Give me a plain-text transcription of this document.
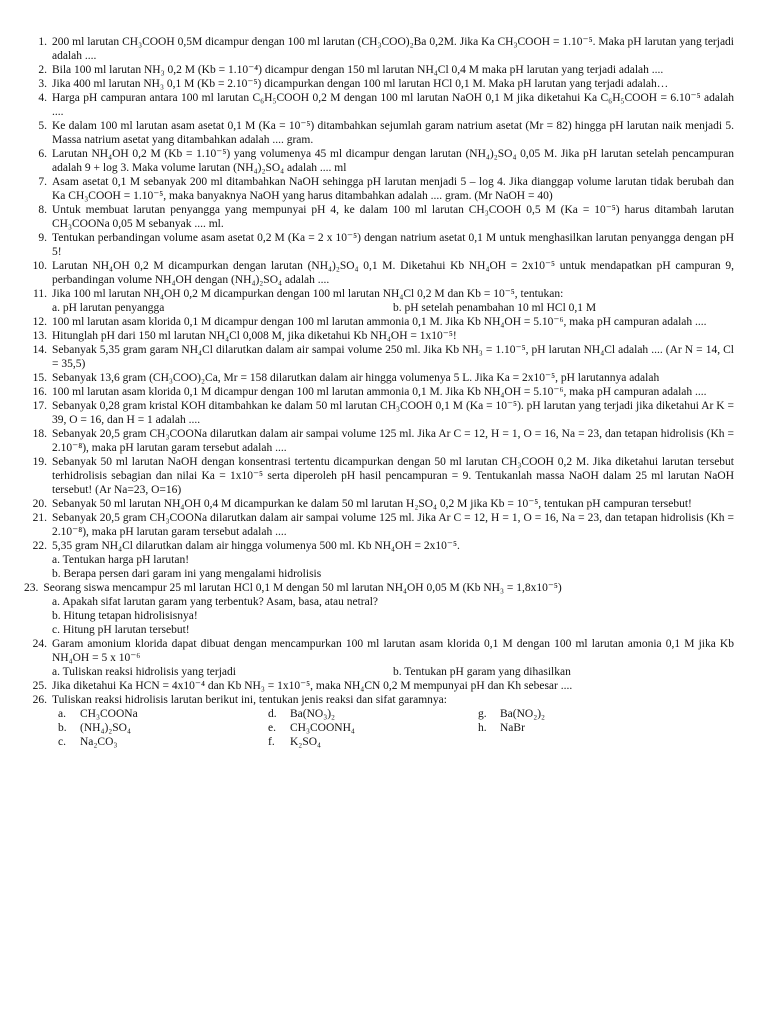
1. 200 ml larutan CH₃COOH 0,5M dicampur dengan 100 ml larutan (CH₃COO)₂Ba 0,2M. Jika Ka CH₃COOH = 1.10⁻⁵. Maka pH larutan yang terjadi adalah ....
2. Bila 100 ml larutan NH₃ 0,2 M (Kb = 1.10⁻⁴) dicampur dengan 150 ml larutan NH₄Cl 0,4 M maka pH larutan yang terjadi adalah ....
3. Jika 400 ml larutan NH₃ 0,1 M (Kb = 2.10⁻⁵) dicampurkan dengan 100 ml larutan HCl 0,1 M. Maka pH larutan yang terjadi adalah…
4. Harga pH campuran antara 100 ml larutan C₆H₅COOH 0,2 M dengan 100 ml larutan NaOH 0,1 M jika diketahui Ka C₆H₅COOH = 6.10⁻⁵ adalah ....
5. Ke dalam 100 ml larutan asam asetat 0,1 M (Ka = 10⁻⁵) ditambahkan sejumlah garam natrium asetat (Mr = 82) hingga pH larutan naik menjadi 5. Massa natrium asetat yang ditambahkan adalah .... gram.
6. Larutan NH₄OH 0,2 M (Kb = 1.10⁻⁵) yang volumenya 45 ml dicampur dengan larutan (NH₄)₂SO₄ 0,05 M. Jika pH larutan setelah pencampuran adalah 9 + log 3. Maka volume larutan (NH₄)₂SO₄ adalah .... ml
7. Asam asetat 0,1 M sebanyak 200 ml ditambahkan NaOH sehingga pH larutan menjadi 5 – log 4. Jika dianggap volume larutan tidak berubah dan Ka CH₃COOH = 1.10⁻⁵, maka banyaknya NaOH yang harus ditambahkan adalah .... gram. (Mr NaOH = 40)
8. Untuk membuat larutan penyangga yang mempunyai pH 4, ke dalam 100 ml larutan CH₃COOH 0,5 M (Ka = 10⁻⁵) harus ditambah larutan CH₃COONa 0,05 M sebanyak .... ml.
9. Tentukan perbandingan volume asam asetat 0,2 M (Ka = 2 x 10⁻⁵) dengan natrium asetat 0,1 M untuk menghasilkan larutan penyangga dengan pH 5!
10. Larutan NH₄OH 0,2 M dicampurkan dengan larutan (NH₄)₂SO₄ 0,1 M. Diketahui Kb NH₄OH = 2x10⁻⁵ untuk mendapatkan pH campuran 9, perbandingan volume NH₄OH dengan (NH₄)₂SO₄ adalah ....
11. Jika 100 ml larutan NH₄OH 0,2 M dicampurkan dengan 100 ml larutan NH₄Cl 0,2 M dan Kb = 10⁻⁵, tentukan:
a. pH larutan penyangga	b. pH setelah penambahan 10 ml HCl 0,1 M
12. 100 ml larutan asam klorida 0,1 M dicampur dengan 100 ml larutan ammonia 0,1 M. Jika Kb NH₄OH = 5.10⁻⁶, maka pH campuran adalah ....
13. Hitunglah pH dari 150 ml larutan NH₄Cl 0,008 M, jika diketahui Kb NH₄OH = 1x10⁻⁵!
14. Sebanyak 5,35 gram garam NH₄Cl dilarutkan dalam air sampai volume 250 ml. Jika Kb NH₃ = 1.10⁻⁵, pH larutan NH₄Cl adalah .... (Ar N = 14, Cl = 35,5)
15. Sebanyak 13,6 gram (CH₃COO)₂Ca, Mr = 158 dilarutkan dalam air hingga volumenya 5 L. Jika Ka = 2x10⁻⁵, pH larutannya adalah
16. 100 ml larutan asam klorida 0,1 M dicampur dengan 100 ml larutan ammonia 0,1 M. Jika Kb NH₄OH = 5.10⁻⁶, maka pH campuran adalah ....
17. Sebanyak 0,28 gram kristal KOH ditambahkan ke dalam 50 ml larutan CH₃COOH 0,1 M (Ka = 10⁻⁵). pH larutan yang terjadi jika diketahui Ar K = 39, O = 16, dan H = 1 adalah ....
18. Sebanyak 20,5 gram CH₃COONa dilarutkan dalam air sampai volume 125 ml. Jika Ar C = 12, H = 1, O = 16, Na = 23, dan tetapan hidrolisis (Kh = 2.10⁻⁸), maka pH larutan garam tersebut adalah ....
19. Sebanyak 50 ml larutan NaOH dengan konsentrasi tertentu dicampurkan dengan 50 ml larutan CH₃COOH 0,2 M. Jika diketahui larutan tersebut terhidrolisis sebagian dan nilai Ka = 1x10⁻⁵ serta diperoleh pH hasil pencampuran = 9. Tentukanlah massa NaOH dalam 25 ml larutan NaOH tersebut! (Ar Na=23, O=16)
20. Sebanyak 50 ml larutan NH₄OH 0,4 M dicampurkan ke dalam 50 ml larutan H₂SO₄ 0,2 M jika Kb = 10⁻⁵, tentukan pH campuran tersebut!
21. Sebanyak 20,5 gram CH₃COONa dilarutkan dalam air sampai volume 125 ml. Jika Ar C = 12, H = 1, O = 16, Na = 23, dan tetapan hidrolisis (Kh = 2.10⁻⁸), maka pH larutan garam tersebut adalah ....
22. 5,35 gram NH₄Cl dilarutkan dalam air hingga volumenya 500 ml. Kb NH₄OH = 2x10⁻⁵.
a. Tentukan harga pH larutan!
b. Berapa persen dari garam ini yang mengalami hidrolisis
23. Seorang siswa mencampur 25 ml larutan HCl 0,1 M dengan 50 ml larutan NH₄OH 0,05 M (Kb NH₃ = 1,8x10⁻⁵)
a. Apakah sifat larutan garam yang terbentuk? Asam, basa, atau netral?
b. Hitung tetapan hidrolisisnya!
c. Hitung pH larutan tersebut!
24. Garam amonium klorida dapat dibuat dengan mencampurkan 100 ml larutan asam klorida 0,1 M dengan 100 ml larutan amonia 0,1 M jika Kb NH₄OH = 5 x 10⁻⁶
a. Tuliskan reaksi hidrolisis yang terjadi	b. Tentukan pH garam yang dihasilkan
25. Jika diketahui Ka HCN = 4x10⁻⁴ dan Kb NH₃ = 1x10⁻⁵, maka NH₄CN 0,2 M mempunyai pH dan Kh sebesar ....
26. Tuliskan reaksi hidrolisis larutan berikut ini, tentukan jenis reaksi dan sifat garamnya:
a. CH₃COONa	d. Ba(NO₃)₂	g. Ba(NO₂)₂
b. (NH₄)₂SO₄	e. CH₃COONH₄	h. NaBr
c. Na₂CO₃	f. K₂SO₄
